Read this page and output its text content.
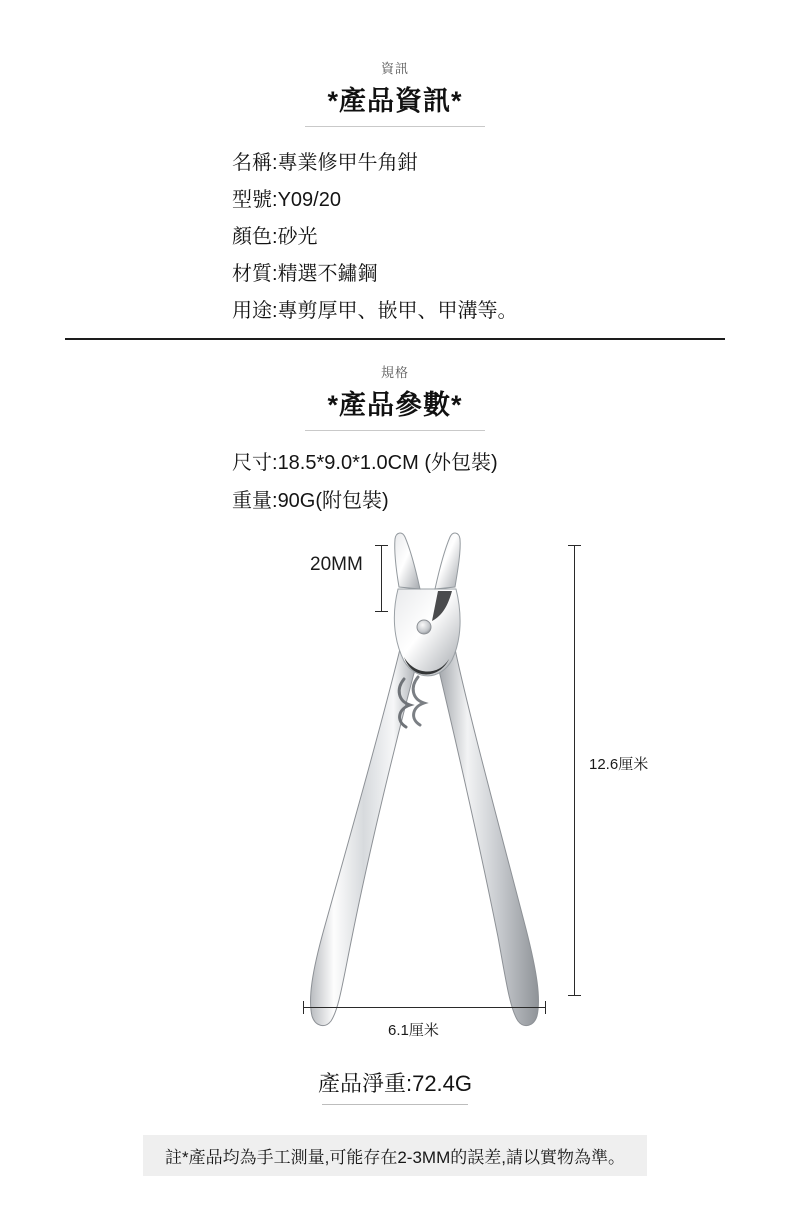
資訊
*產品資訊*
名稱:專業修甲牛角鉗
型號:Y09/20
顏色:砂光
材質:精選不鏽鋼
用途:專剪厚甲、嵌甲、甲溝等。
規格
*產品參數*
尺寸:18.5*9.0*1.0CM (外包裝)
重量:90G(附包裝)
20MM
12.6厘米
6.1厘米
產品淨重:72.4G
註*產品均為手工測量,可能存在2-3MM的誤差,請以實物為準。
